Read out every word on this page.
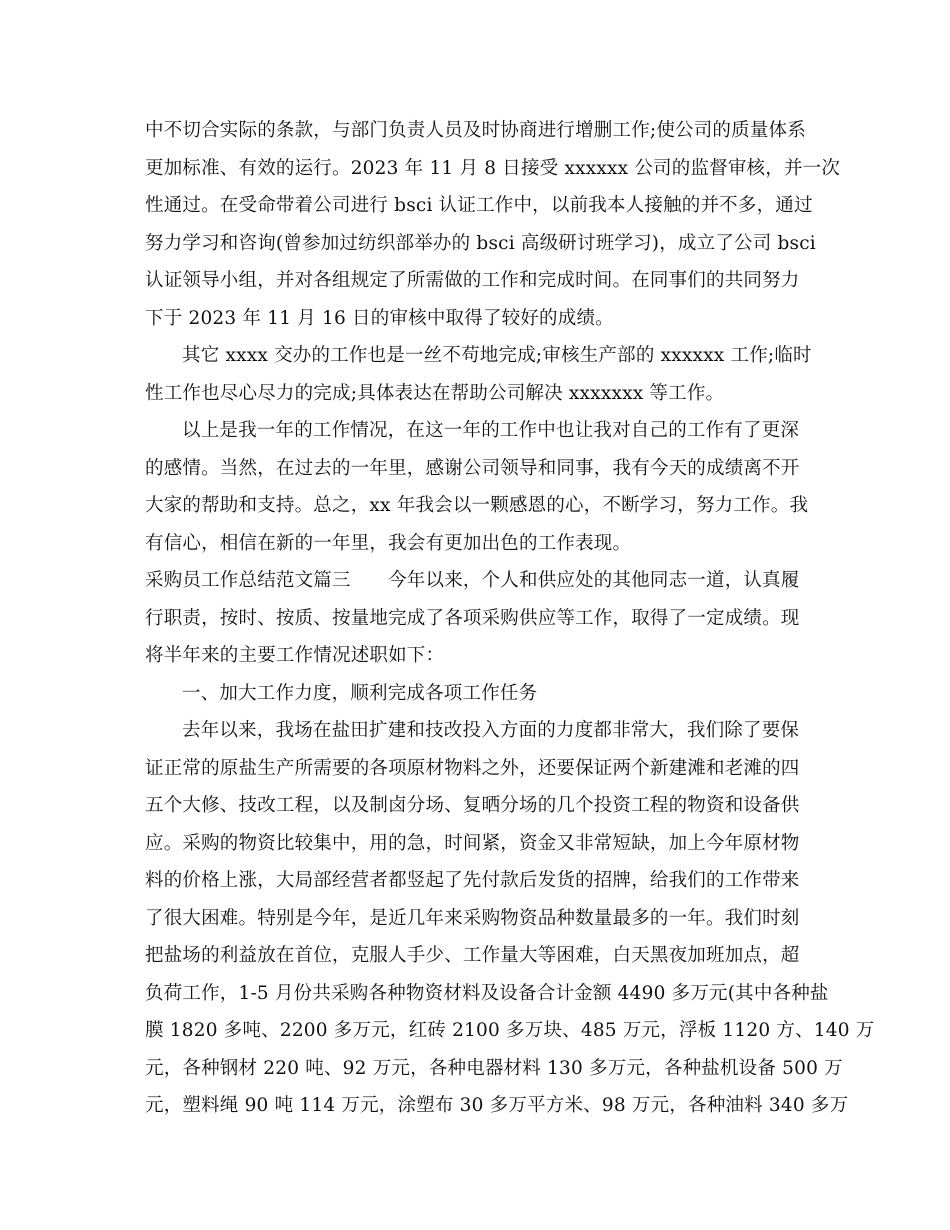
中不切合实际的条款，与部门负责人员及时协商进行增删工作;使公司的质量体系
更加标准、有效的运行。2023 年 11 月 8 日接受 xxxxxx 公司的监督审核，并一次
性通过。在受命带着公司进行 bsci 认证工作中，以前我本人接触的并不多，通过
努力学习和咨询(曾参加过纺织部举办的 bsci 高级研讨班学习)，成立了公司 bsci
认证领导小组，并对各组规定了所需做的工作和完成时间。在同事们的共同努力
下于 2023 年 11 月 16 日的审核中取得了较好的成绩。
其它 xxxx 交办的工作也是一丝不苟地完成;审核生产部的 xxxxxx 工作;临时
性工作也尽心尽力的完成;具体表达在帮助公司解决 xxxxxxx 等工作。
以上是我一年的工作情况，在这一年的工作中也让我对自己的工作有了更深
的感情。当然，在过去的一年里，感谢公司领导和同事，我有今天的成绩离不开
大家的帮助和支持。总之，xx 年我会以一颗感恩的心，不断学习，努力工作。我
有信心，相信在新的一年里，我会有更加出色的工作表现。
采购员工作总结范文篇三　　今年以来，个人和供应处的其他同志一道，认真履
行职责，按时、按质、按量地完成了各项采购供应等工作，取得了一定成绩。现
将半年来的主要工作情况述职如下：
一、加大工作力度，顺利完成各项工作任务
去年以来，我场在盐田扩建和技改投入方面的力度都非常大，我们除了要保
证正常的原盐生产所需要的各项原材物料之外，还要保证两个新建滩和老滩的四
五个大修、技改工程，以及制卤分场、复晒分场的几个投资工程的物资和设备供
应。采购的物资比较集中，用的急，时间紧，资金又非常短缺，加上今年原材物
料的价格上涨，大局部经营者都竖起了先付款后发货的招牌，给我们的工作带来
了很大困难。特别是今年，是近几年来采购物资品种数量最多的一年。我们时刻
把盐场的利益放在首位，克服人手少、工作量大等困难，白天黑夜加班加点，超
负荷工作，1-5 月份共采购各种物资材料及设备合计金额 4490 多万元(其中各种盐
膜 1820 多吨、2200 多万元，红砖 2100 多万块、485 万元，浮板 1120 方、140 万
元，各种钢材 220 吨、92 万元，各种电器材料 130 多万元，各种盐机设备 500 万
元，塑料绳 90 吨 114 万元，涂塑布 30 多万平方米、98 万元，各种油料 340 多万
